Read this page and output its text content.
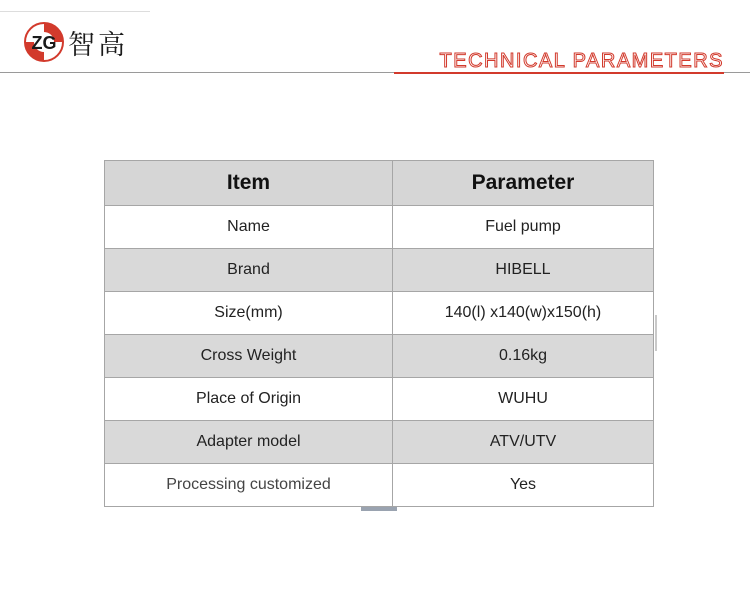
ZG 智高
TECHNICAL PARAMETERS
Item	Parameter
Name	Fuel pump
Brand	HIBELL
Size(mm)	140(l) x140(w)x150(h)
Cross Weight	0.16kg
Place of Origin	WUHU
Adapter model	ATV/UTV
Processing customized	Yes
